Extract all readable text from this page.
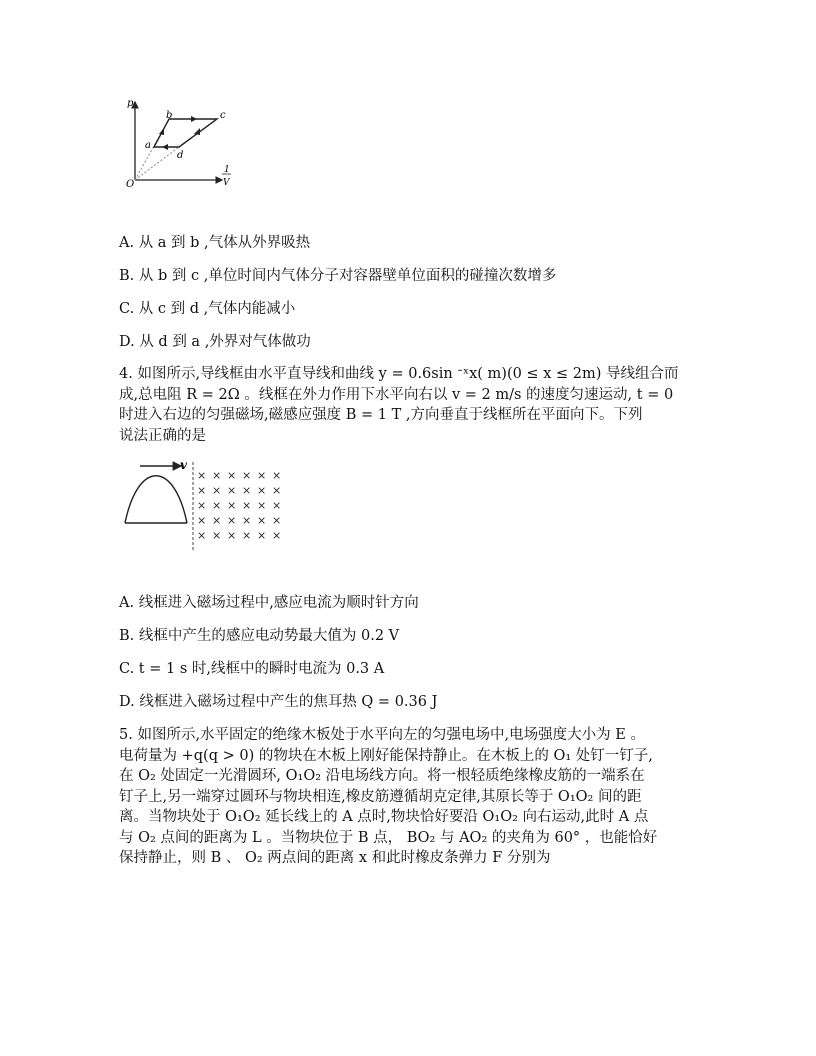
p
O
1
V
a
b	c
d
A. 从 a 到 b ,气体从外界吸热
B. 从 b 到 c ,单位时间内气体分子对容器壁单位面积的碰撞次数增多
C. 从 c 到 d ,气体内能减小
D. 从 d 到 a ,外界对气体做功
4. 如图所示,导线框由水平直导线和曲线 y = 0.6sin ᐨˣx( m)(0 ≤ x ≤ 2m) 导线组合而
成,总电阻 R = 2Ω 。线框在外力作用下水平向右以 v = 2 m/s 的速度匀速运动, t = 0
时进入右边的匀强磁场,磁感应强度 B = 1 T ,方向垂直于线框所在平面向下。下列
说法正确的是
v
× × × × × ×
× × × × × ×
× × × × × ×
× × × × × ×
× × × × × ×
A. 线框进入磁场过程中,感应电流为顺时针方向
B. 线框中产生的感应电动势最大值为 0.2 V
C. t = 1 s 时,线框中的瞬时电流为 0.3 A
D. 线框进入磁场过程中产生的焦耳热 Q = 0.36 J
5. 如图所示,水平固定的绝缘木板处于水平向左的匀强电场中,电场强度大小为 E 。
电荷量为 +q(q > 0) 的物块在木板上刚好能保持静止。在木板上的 O₁ 处钉一钉子,
在 O₂ 处固定一光滑圆环, O₁O₂ 沿电场线方向。将一根轻质绝缘橡皮筋的一端系在
钉子上,另一端穿过圆环与物块相连,橡皮筋遵循胡克定律,其原长等于 O₁O₂ 间的距
离。当物块处于 O₁O₂ 延长线上的 A 点时,物块恰好要沿 O₁O₂ 向右运动,此时 A 点
与 O₂ 点间的距离为 L 。当物块位于 B 点， BO₂ 与 AO₂ 的夹角为 60° ，也能恰好
保持静止，则 B 、 O₂ 两点间的距离 x 和此时橡皮条弹力 F 分别为
